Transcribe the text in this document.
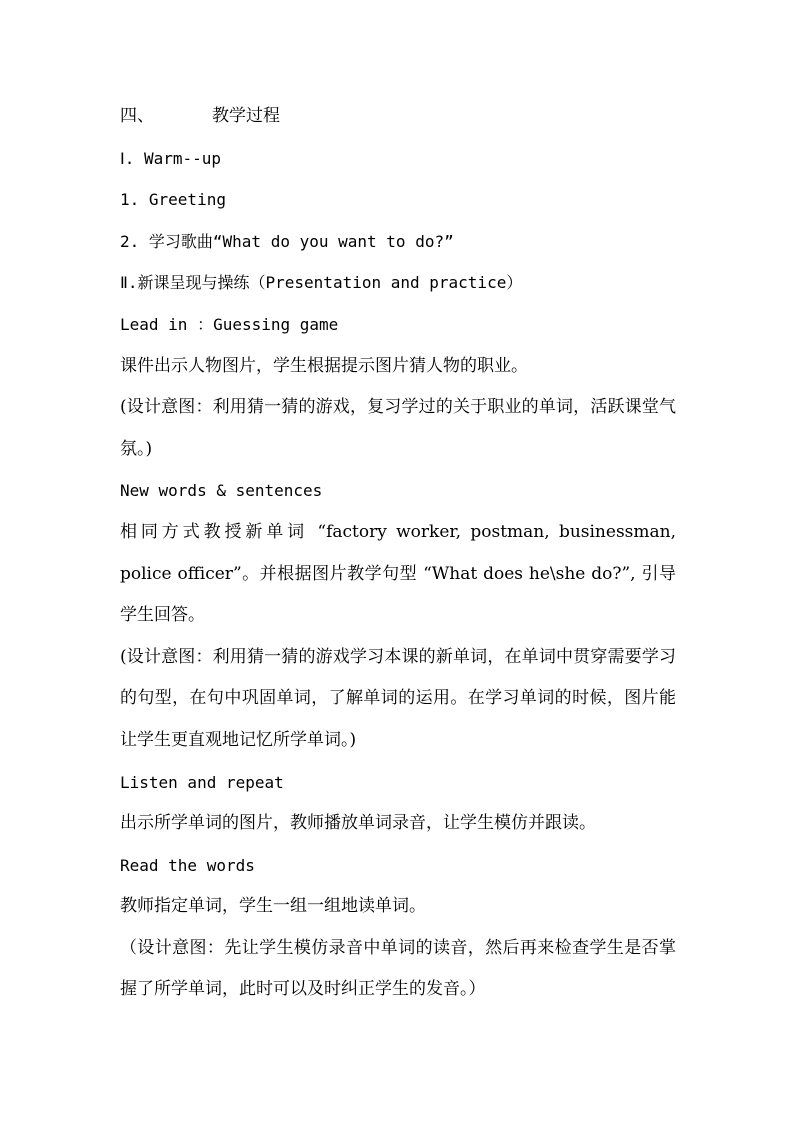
四、	教学过程

Ⅰ. Warm--up

1. Greeting

2. 学习歌曲“What do you want to do?”

Ⅱ.新课呈现与操练（Presentation and practice）

Lead in ：Guessing game

课件出示人物图片，学生根据提示图片猜人物的职业。

(设计意图：利用猜一猜的游戏，复习学过的关于职业的单词，活跃课堂气氛。)

New words & sentences

相同方式教授新单词 “factory worker, postman, businessman, police officer”。并根据图片教学句型 “What does he\she do?”, 引导学生回答。

(设计意图：利用猜一猜的游戏学习本课的新单词，在单词中贯穿需要学习的句型，在句中巩固单词，了解单词的运用。在学习单词的时候，图片能让学生更直观地记忆所学单词。)

Listen and repeat

出示所学单词的图片，教师播放单词录音，让学生模仿并跟读。

Read the words

教师指定单词，学生一组一组地读单词。

（设计意图：先让学生模仿录音中单词的读音，然后再来检查学生是否掌握了所学单词，此时可以及时纠正学生的发音。）
